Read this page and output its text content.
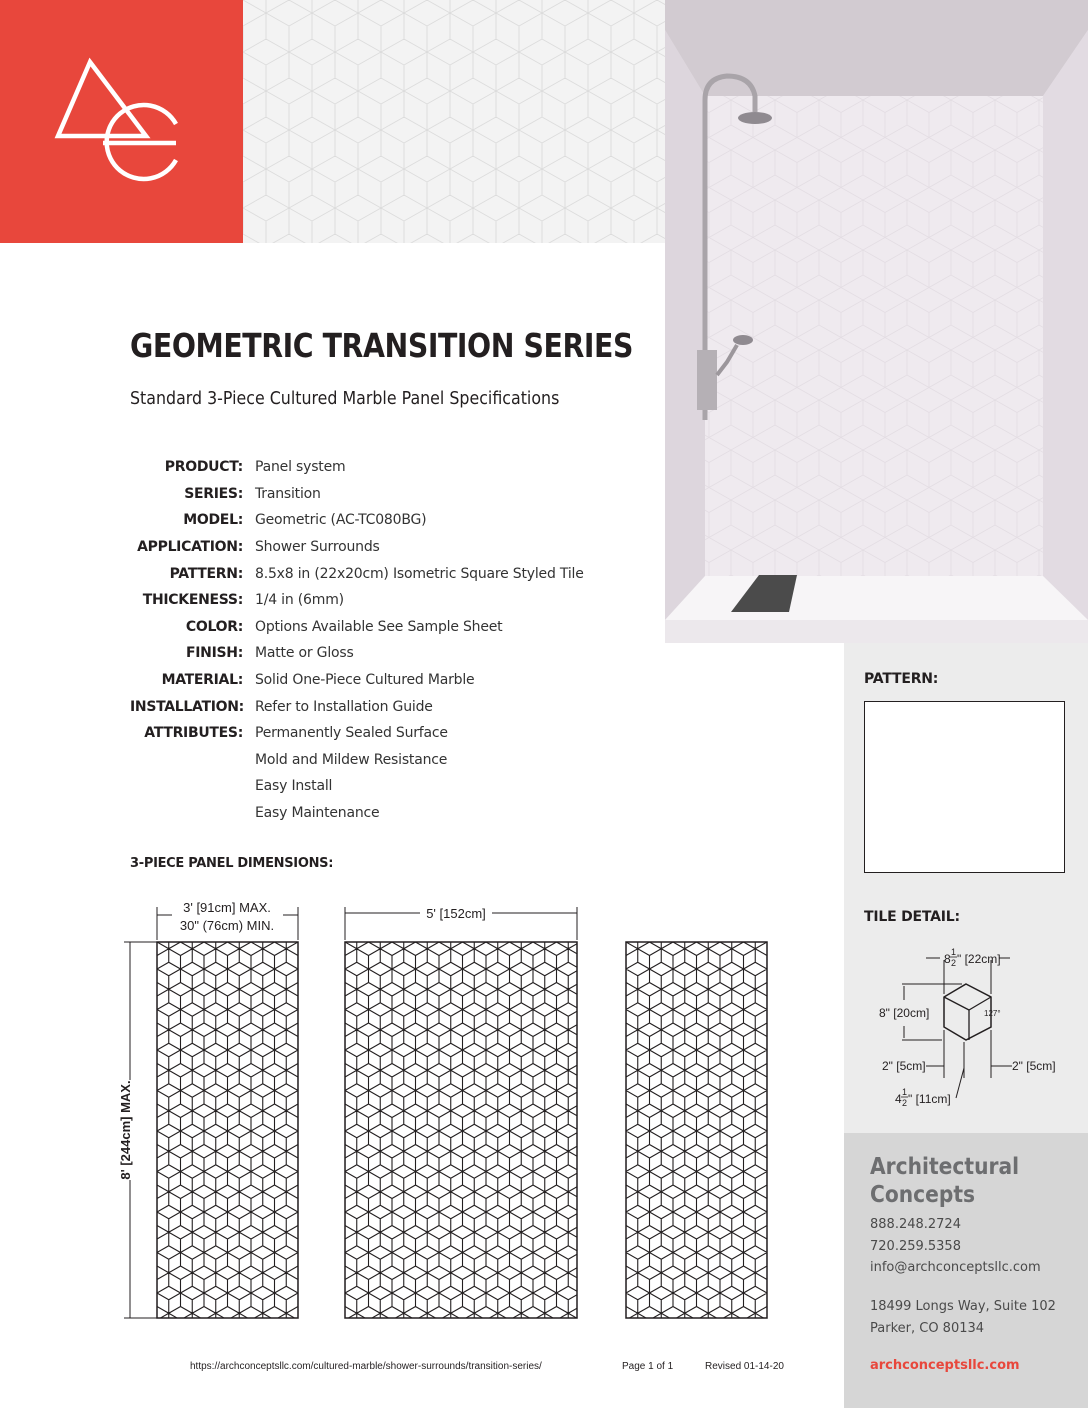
GEOMETRIC TRANSITION SERIES
Standard 3-Piece Cultured Marble Panel Specifications
PRODUCT: Panel system
SERIES: Transition
MODEL: Geometric (AC-TC080BG)
APPLICATION: Shower Surrounds
PATTERN: 8.5x8 in (22x20cm) Isometric Square Styled Tile
THICKENESS: 1/4 in (6mm)
COLOR: Options Available See Sample Sheet
FINISH: Matte or Gloss
MATERIAL: Solid One-Piece Cultured Marble
INSTALLATION: Refer to Installation Guide
ATTRIBUTES: Permanently Sealed Surface
Mold and Mildew Resistance
Easy Install
Easy Maintenance
3-PIECE PANEL DIMENSIONS:
3' [91cm] MAX.
30" (76cm) MIN.
5' [152cm]
8' [244cm] MAX.
PATTERN:
TILE DETAIL:
127°
8 1
2 " [22cm]
8" [20cm]
2" [5cm]	2" [5cm]
4 1
2 " [11cm]
Architectural
Concepts
888.248.2724
720.259.5358
info@archconceptsllc.com
18499 Longs Way, Suite 102
Parker, CO 80134
archconceptsllc.com
https://archconceptsllc.com/cultured-marble/shower-surrounds/transition-series/	Page 1 of 1	Revised 01-14-20
